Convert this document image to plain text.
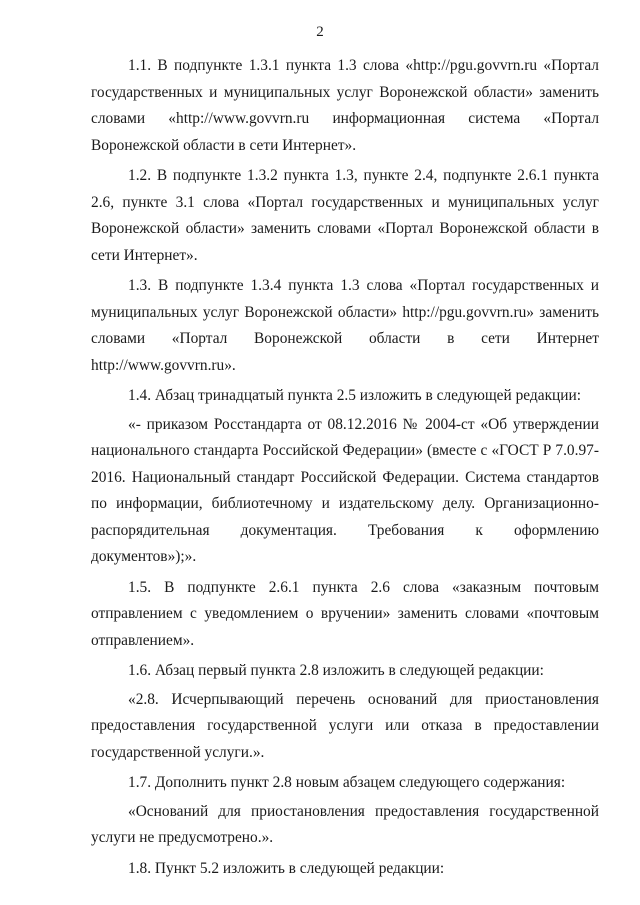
2

1.1. В подпункте 1.3.1 пункта 1.3 слова «http://pgu.govvrn.ru «Портал государственных и муниципальных услуг Воронежской области» заменить словами «http://www.govvrn.ru информационная система «Портал Воронежской области в сети Интернет».

1.2. В подпункте 1.3.2 пункта 1.3, пункте 2.4, подпункте 2.6.1 пункта 2.6, пункте 3.1 слова «Портал государственных и муниципальных услуг Воронежской области» заменить словами «Портал Воронежской области в сети Интернет».

1.3. В подпункте 1.3.4 пункта 1.3 слова «Портал государственных и муниципальных услуг Воронежской области» http://pgu.govvrn.ru» заменить словами «Портал Воронежской области в сети Интернет http://www.govvrn.ru».

1.4. Абзац тринадцатый пункта 2.5 изложить в следующей редакции:

«- приказом Росстандарта от 08.12.2016 № 2004-ст «Об утверждении национального стандарта Российской Федерации» (вместе с «ГОСТ Р 7.0.97-2016. Национальный стандарт Российской Федерации. Система стандартов по информации, библиотечному и издательскому делу. Организационно-распорядительная документация. Требования к оформлению документов»);».

1.5. В подпункте 2.6.1 пункта 2.6 слова «заказным почтовым отправлением с уведомлением о вручении» заменить словами «почтовым отправлением».

1.6. Абзац первый пункта 2.8 изложить в следующей редакции:

«2.8. Исчерпывающий перечень оснований для приостановления предоставления государственной услуги или отказа в предоставлении государственной услуги.».

1.7. Дополнить пункт 2.8 новым абзацем следующего содержания:

«Оснований для приостановления предоставления государственной услуги не предусмотрено.».

1.8. Пункт 5.2 изложить в следующей редакции:
